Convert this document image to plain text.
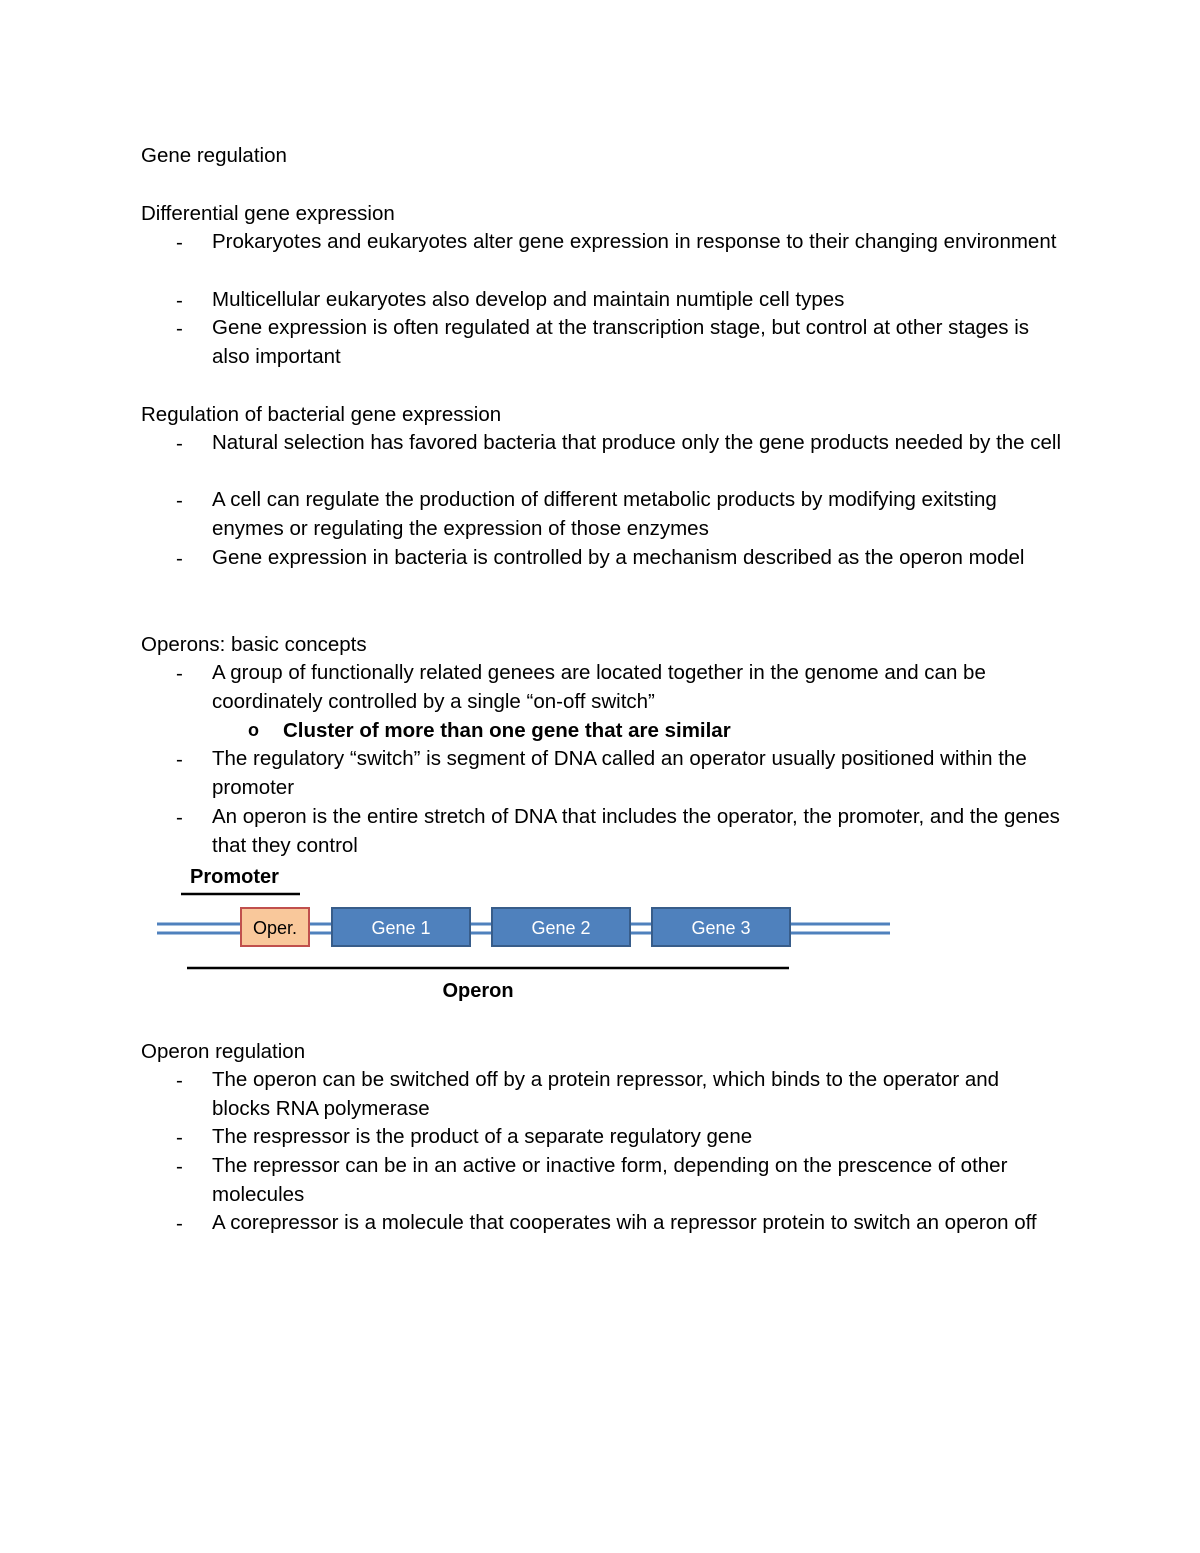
Gene regulation
Differential gene expression
- Prokaryotes and eukaryotes alter gene expression in response to their changing environment
- Multicellular eukaryotes also develop and maintain numtiple cell types
- Gene expression is often regulated at the transcription stage, but control at other stages is also important
Regulation of bacterial gene expression
- Natural selection has favored bacteria that produce only the gene products needed by the cell
- A cell can regulate the production of different metabolic products by modifying exitsting enymes or regulating the expression of those enzymes
- Gene expression in bacteria is controlled by a mechanism described as the operon model
Operons: basic concepts
- A group of functionally related genees are located together in the genome and can be coordinately controlled by a single “on-off switch”
o Cluster of more than one gene that are similar
- The regulatory “switch” is segment of DNA called an operator usually positioned within the promoter
- An operon is the entire stretch of DNA that includes the operator, the promoter, and the genes that they control
Promoter
Oper.	Gene 1	Gene 2	Gene 3
Operon
Operon regulation
- The operon can be switched off by a protein repressor, which binds to the operator and blocks RNA polymerase
- The respressor is the product of a separate regulatory gene
- The repressor can be in an active or inactive form, depending on the prescence of other molecules
- A corepressor is a molecule that cooperates wih a repressor protein to switch an operon off
